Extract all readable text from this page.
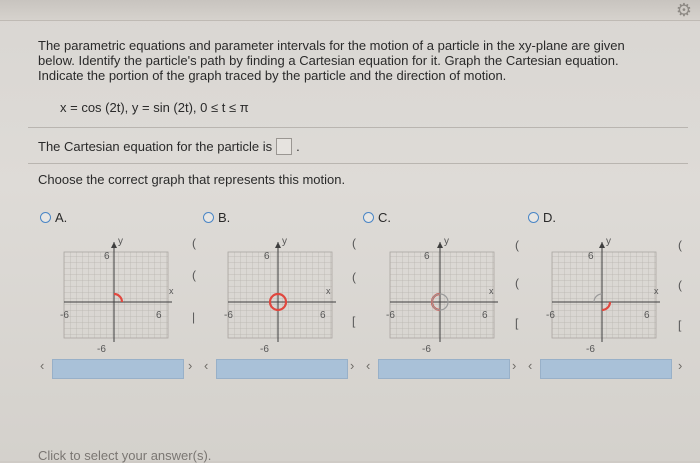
⚙

The parametric equations and parameter intervals for the motion of a particle in the xy-plane are given

below. Identify the particle's path by finding a Cartesian equation for it. Graph the Cartesian equation.

Indicate the portion of the graph traced by the particle and the direction of motion.

x = cos (2t), y = sin (2t), 0 ≤ t ≤ π
The Cartesian equation for the particle is .
Choose the correct graph that represents this motion.
A.	B.	C.	D.
y
6
x
-6	6
-6
y
6
x
-6	6
-6
y
6
x
-6	6
-6
y
6
x
-6	6
-6
(
(
|
(
(
[
(
(
[
(
(
[
‹	› ‹	› ‹	› ‹	›
Click to select your answer(s).
